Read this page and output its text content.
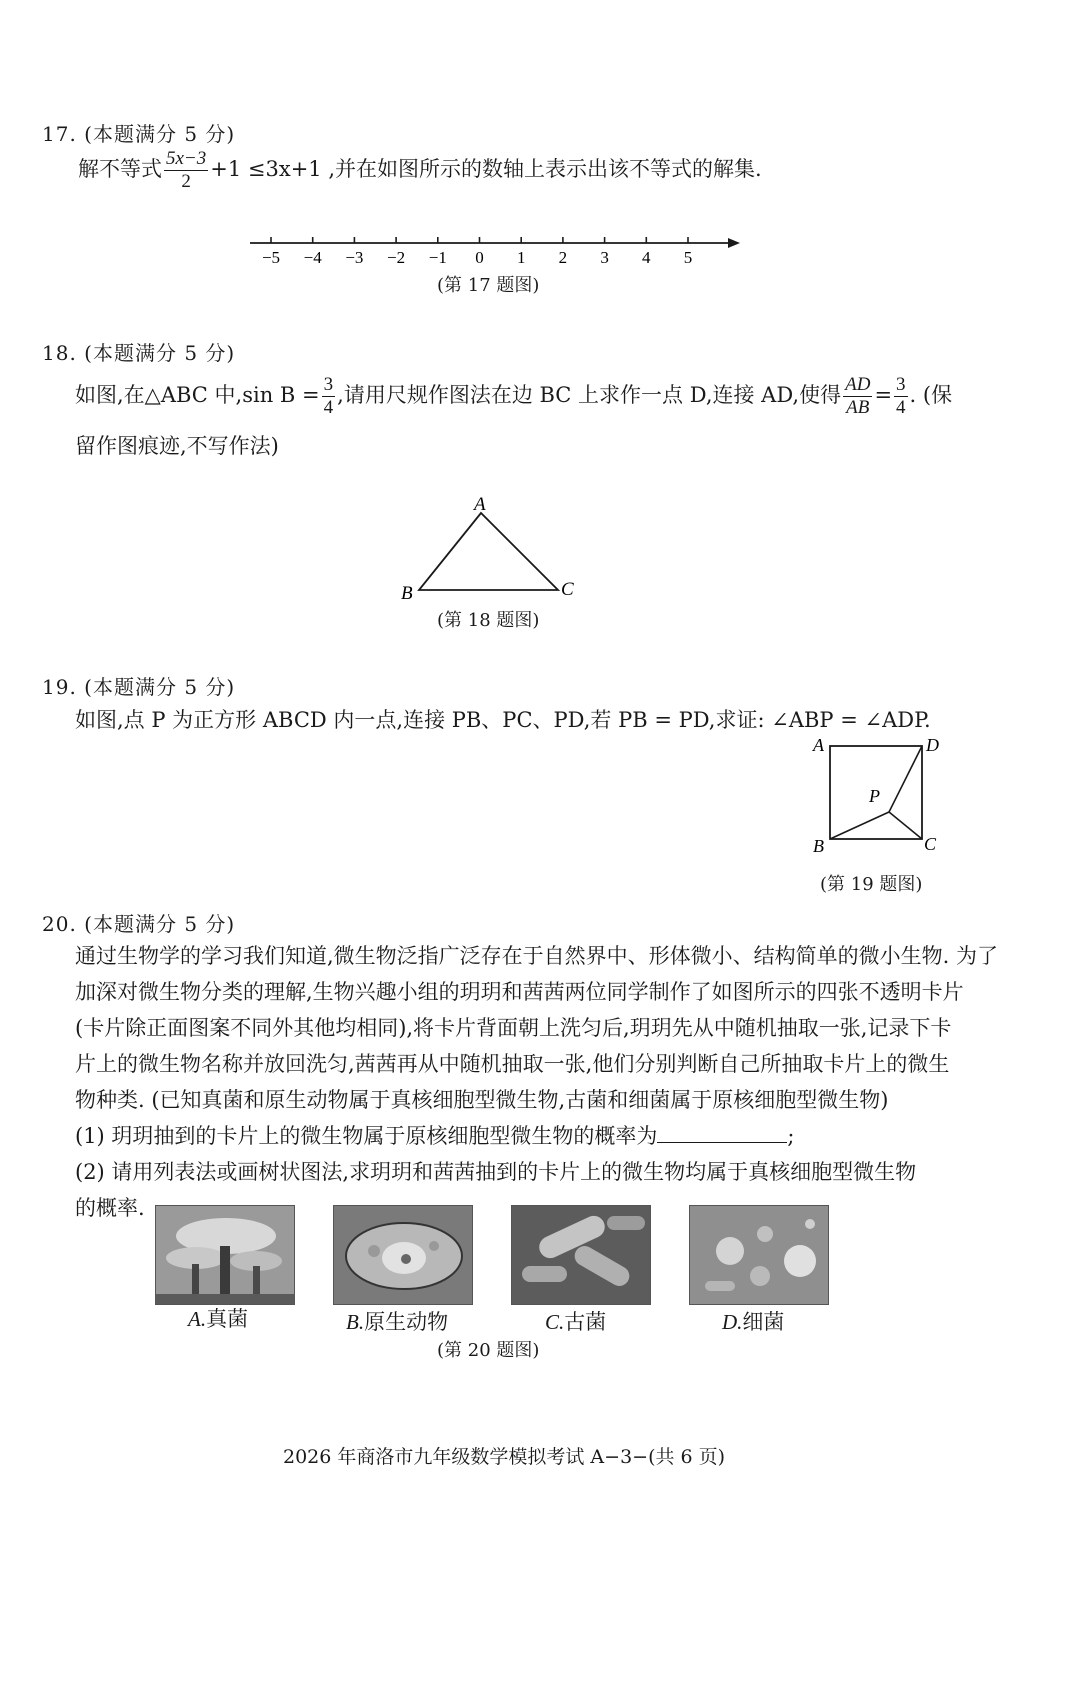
17. (本题满分 5 分)
解不等式 $\frac{5x-3}{2} +1 \le 3x+1$ ,并在如图所示的数轴上表示出该不等式的解集.
−5 −4 −3 −2 −1 0 1 2 3 4 5
(第 17 题图)
18. (本题满分 5 分)
如图,在△ABC 中,sin $B = \frac{3}{4}$ ,请用尺规作图法在边 BC 上求作一点 D,连接 AD,使得 $\frac{AD}{AB} = \frac{3}{4}$ . (保
留作图痕迹,不写作法)
A
B	C
(第 18 题图)
19. (本题满分 5 分)
如图,点 P 为正方形 ABCD 内一点,连接 PB、PC、PD,若 PB = PD,求证: ∠ABP = ∠ADP.
A	D
P
B	C
(第 19 题图)
20. (本题满分 5 分)
通过生物学的学习我们知道,微生物泛指广泛存在于自然界中、形体微小、结构简单的微小生物. 为了
加深对微生物分类的理解,生物兴趣小组的玥玥和茜茜两位同学制作了如图所示的四张不透明卡片
(卡片除正面图案不同外其他均相同),将卡片背面朝上洗匀后,玥玥先从中随机抽取一张,记录下卡
片上的微生物名称并放回洗匀,茜茜再从中随机抽取一张,他们分别判断自己所抽取卡片上的微生
物种类. (已知真菌和原生动物属于真核细胞型微生物,古菌和细菌属于原核细胞型微生物)
(1) 玥玥抽到的卡片上的微生物属于原核细胞型微生物的概率为	;
(2) 请用列表法或画树状图法,求玥玥和茜茜抽到的卡片上的微生物均属于真核细胞型微生物
的概率.
A.真菌	B.原生动物	C.古菌	D.细菌
(第 20 题图)
2026 年商洛市九年级数学模拟考试 A−3−(共 6 页)
